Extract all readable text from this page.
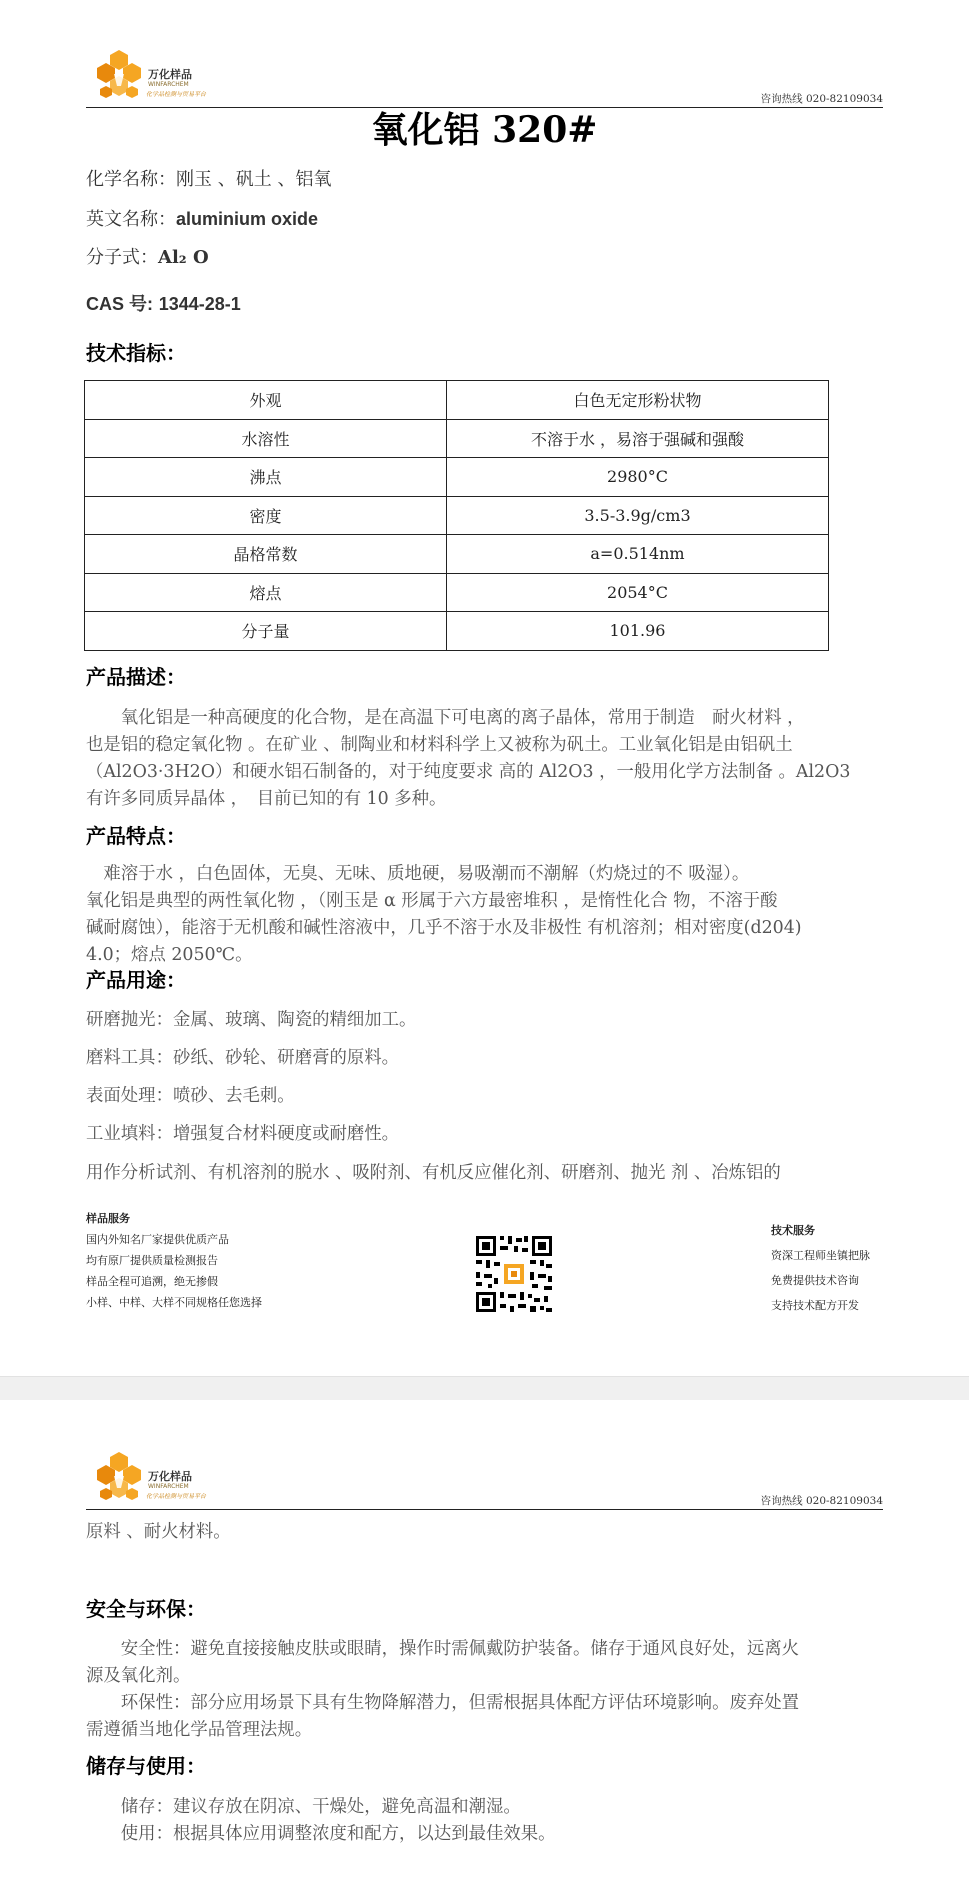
万化样品
WINFARCHEM
化学品检测与贸易平台	咨询热线 020-82109034
氧化铝 320#
化学名称：刚玉 、矾土 、铝氧
英文名称：aluminium oxide
分子式：Al₂ O
CAS 号: 1344-28-1
技术指标：
外观	白色无定形粉状物
水溶性	不溶于水 ，易溶于强碱和强酸
沸点	2980°C
密度	3.5-3.9g/cm3
晶格常数	a=0.514nm
熔点	2054°C
分子量	101.96
产品描述：
　　氧化铝是一种高硬度的化合物，是在高温下可电离的离子晶体，常用于制造　耐火材料 ，
也是铝的稳定氧化物 。在矿业 、制陶业和材料科学上又被称为矾土。工业氧化铝是由铝矾土
（Al2O3·3H2O）和硬水铝石制备的，对于纯度要求 高的 Al2O3 ，一般用化学方法制备 。Al2O3
有许多同质异晶体 ，　目前已知的有 10 多种。
产品特点：
　难溶于水 ，白色固体，无臭、无味、质地硬，易吸潮而不潮解（灼烧过的不 吸湿）。
氧化铝是典型的两性氧化物 ，（刚玉是 α 形属于六方最密堆积 ，是惰性化合 物，不溶于酸
碱耐腐蚀），能溶于无机酸和碱性溶液中，几乎不溶于水及非极性 有机溶剂；相对密度(d204)
4.0；熔点 2050℃。
产品用途：
研磨抛光：金属、玻璃、陶瓷的精细加工。
磨料工具：砂纸、砂轮、研磨膏的原料。
表面处理：喷砂、去毛刺。
工业填料：增强复合材料硬度或耐磨性。
用作分析试剂、有机溶剂的脱水 、吸附剂、有机反应催化剂、研磨剂、抛光 剂 、冶炼铝的
样品服务
国内外知名厂家提供优质产品
均有原厂提供质量检测报告
样品全程可追溯，绝无掺假
小样、中样、大样不同规格任您选择
技术服务
资深工程师坐镇把脉
免费提供技术咨询
支持技术配方开发
万化样品
WINFARCHEM
化学品检测与贸易平台	咨询热线 020-82109034
原料 、耐火材料。
安全与环保：
　　安全性：避免直接接触皮肤或眼睛，操作时需佩戴防护装备。储存于通风良好处，远离火
源及氧化剂。
　　环保性：部分应用场景下具有生物降解潜力，但需根据具体配方评估环境影响。废弃处置
需遵循当地化学品管理法规。
储存与使用：
　　储存：建议存放在阴凉、干燥处，避免高温和潮湿。
　　使用：根据具体应用调整浓度和配方，以达到最佳效果。
